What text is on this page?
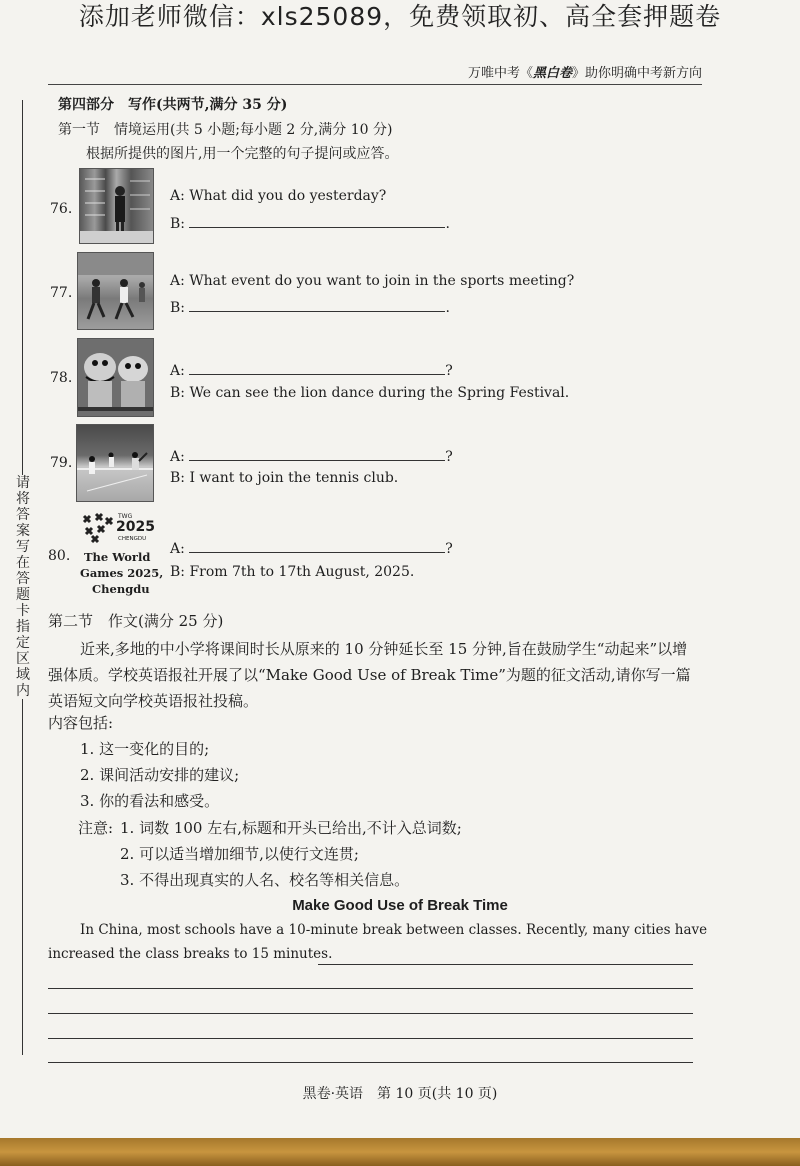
添加老师微信：xls25089，免费领取初、高全套押题卷
万唯中考《黑白卷》助你明确中考新方向
请将答案写在答题卡指定区域内
第四部分　写作(共两节,满分 35 分)
第一节　情境运用(共 5 小题;每小题 2 分,满分 10 分)
根据所提供的图片,用一个完整的句子提问或应答。
76.
A: What did you do yesterday?
B:	.
77.
A: What event do you want to join in the sports meeting?
B:	.
78.	A:	?
B: We can see the lion dance during the Spring Festival.
79.	A:	?
B: I want to join the tennis club.
80.
TWG
2025
CHENGDU
The World
Games 2025,
Chengdu
A:	?
B: From 7th to 17th August, 2025.
第二节　作文(满分 25 分)
近来,多地的中小学将课间时长从原来的 10 分钟延长至 15 分钟,旨在鼓励学生“动起来”以增强体质。学校英语报社开展了以“Make Good Use of Break Time”为题的征文活动,请你写一篇英语短文向学校英语报社投稿。
内容包括:
1. 这一变化的目的;
2. 课间活动安排的建议;
3. 你的看法和感受。
注意: 1. 词数 100 左右,标题和开头已给出,不计入总词数;
2. 可以适当增加细节,以使行文连贯;
3. 不得出现真实的人名、校名等相关信息。
Make Good Use of Break Time
In China, most schools have a 10-minute break between classes. Recently, many cities have
increased the class breaks to 15 minutes.
黑卷·英语　第 10 页(共 10 页)
